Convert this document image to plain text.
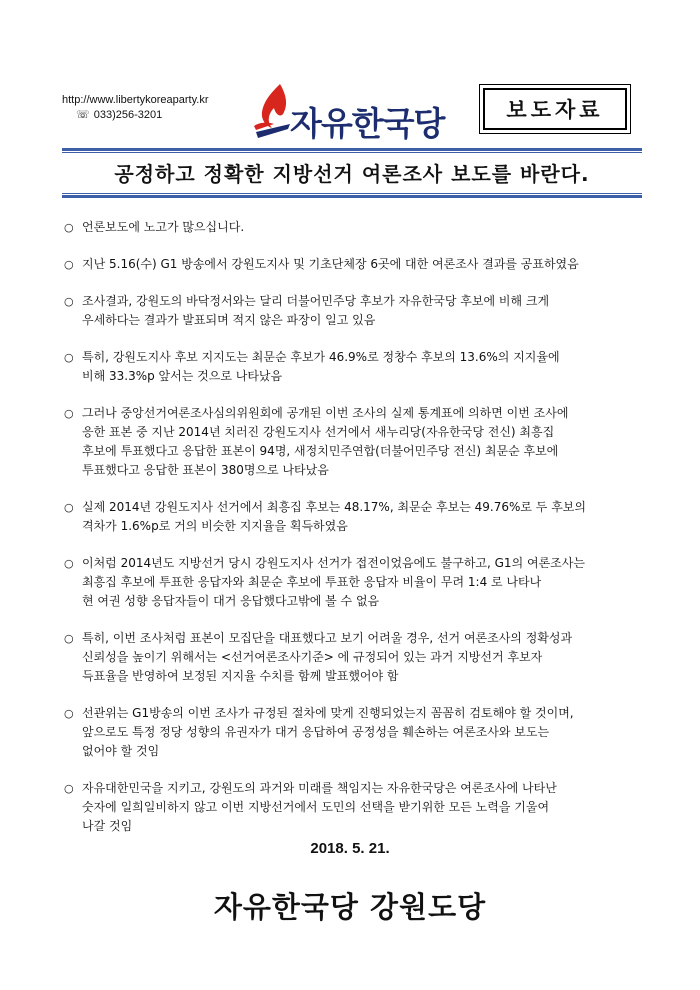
http://www.libertykoreaparty.kr
☏ 033)256-3201	자유한국당	보도자료
공정하고 정확한 지방선거 여론조사 보도를 바란다.
○ 언론보도에 노고가 많으십니다.
○ 지난 5.16(수) G1 방송에서 강원도지사 및 기초단체장 6곳에 대한 여론조사 결과를 공표하였음
○ 조사결과, 강원도의 바닥정서와는 달리 더불어민주당 후보가 자유한국당 후보에 비해 크게
우세하다는 결과가 발표되며 적지 않은 파장이 일고 있음
○ 특히, 강원도지사 후보 지지도는 최문순 후보가 46.9%로 정창수 후보의 13.6%의 지지율에
비해 33.3%p 앞서는 것으로 나타났음
○ 그러나 중앙선거여론조사심의위원회에 공개된 이번 조사의 실제 통계표에 의하면 이번 조사에
응한 표본 중 지난 2014년 치러진 강원도지사 선거에서 새누리당(자유한국당 전신) 최흥집
후보에 투표했다고 응답한 표본이 94명, 새정치민주연합(더불어민주당 전신) 최문순 후보에
투표했다고 응답한 표본이 380명으로 나타났음
○ 실제 2014년 강원도지사 선거에서 최흥집 후보는 48.17%, 최문순 후보는 49.76%로 두 후보의
격차가 1.6%p로 거의 비슷한 지지율을 획득하였음
○ 이처럼 2014년도 지방선거 당시 강원도지사 선거가 접전이었음에도 불구하고, G1의 여론조사는
최흥집 후보에 투표한 응답자와 최문순 후보에 투표한 응답자 비율이 무려 1:4 로 나타나
현 여권 성향 응답자들이 대거 응답했다고밖에 볼 수 없음
○ 특히, 이번 조사처럼 표본이 모집단을 대표했다고 보기 어려울 경우, 선거 여론조사의 정확성과
신뢰성을 높이기 위해서는 <선거여론조사기준> 에 규정되어 있는 과거 지방선거 후보자
득표율을 반영하여 보정된 지지율 수치를 함께 발표했어야 함
○ 선관위는 G1방송의 이번 조사가 규정된 절차에 맞게 진행되었는지 꼼꼼히 검토해야 할 것이며,
앞으로도 특정 정당 성향의 유권자가 대거 응답하여 공정성을 훼손하는 여론조사와 보도는
없어야 할 것임
○ 자유대한민국을 지키고, 강원도의 과거와 미래를 책임지는 자유한국당은 여론조사에 나타난
숫자에 일희일비하지 않고 이번 지방선거에서 도민의 선택을 받기위한 모든 노력을 기울여
나갈 것임
2018. 5. 21.
자유한국당 강원도당
